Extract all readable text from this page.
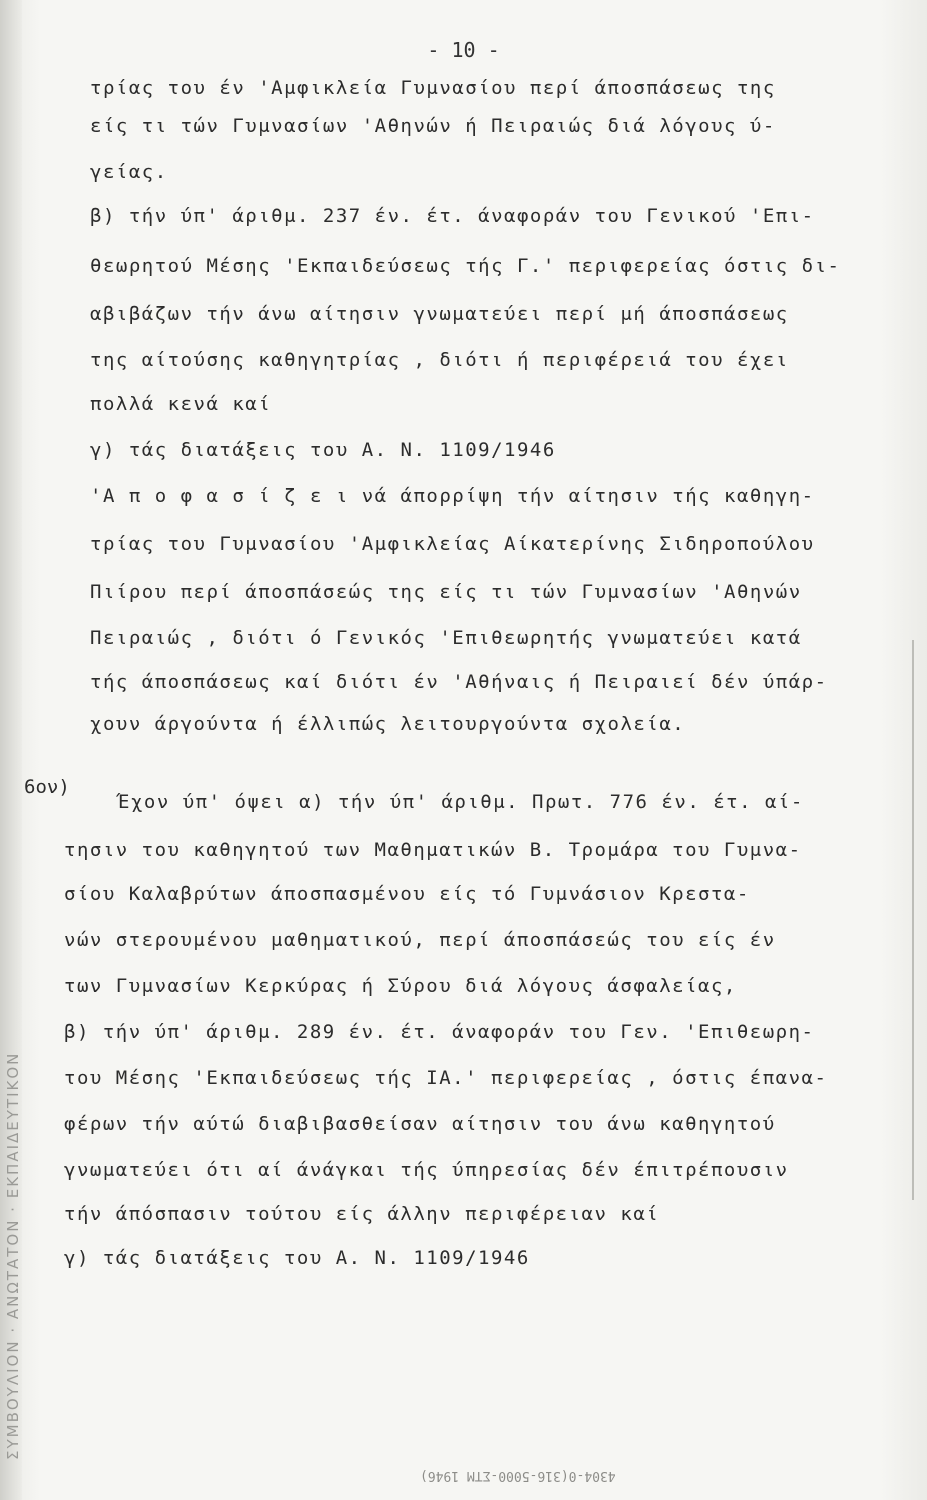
ΣΥΜΒΟΥΛΙΟΝ · ΑΝΩΤΑΤΟΝ · ΕΚΠΑΙΔΕΥΤΙΚΟΝ
- 10 -
τρίας του έν 'Αμφικλεία Γυμνασίου περί άποσπάσεως της
είς τι τών Γυμνασίων 'Αθηνών ή Πειραιώς διά λόγους ύ-
γείας.
β) τήν ύπ' άριθμ. 237 έν. έτ. άναφοράν του Γενικού 'Επι-
θεωρητού Μέσης 'Εκπαιδεύσεως τής Γ.' περιφερείας όστις δι-
αβιβάζων τήν άνω αίτησιν γνωματεύει περί μή άποσπάσεως
της αίτούσης καθηγητρίας , διότι ή περιφέρειά του έχει
πολλά κενά καί
γ) τάς διατάξεις του Α. Ν. 1109/1946
'Α π ο φ α σ ί ζ ε ι νά άπορρίψη τήν αίτησιν τής καθηγη-
τρίας του Γυμνασίου 'Αμφικλείας Αίκατερίνης Σιδηροπούλου
Πιίρου περί άποσπάσεώς της είς τι τών Γυμνασίων 'Αθηνών
Πειραιώς , διότι ό Γενικός 'Επιθεωρητής γνωματεύει κατά
τής άποσπάσεως καί διότι έν 'Αθήναις ή Πειραιεί δέν ύπάρ-
χουν άργούντα ή έλλιπώς λειτουργούντα σχολεία.
6ον)
Έχον ύπ' όψει α) τήν ύπ' άριθμ. Πρωτ. 776 έν. έτ. αί-
τησιν του καθηγητού των Μαθηματικών Β. Τρομάρα του Γυμνα-
σίου Καλαβρύτων άποσπασμένου είς τό Γυμνάσιον Κρεστα-
νών στερουμένου μαθηματικού, περί άποσπάσεώς του είς έν
των Γυμνασίων Κερκύρας ή Σύρου διά λόγους άσφαλείας,
β) τήν ύπ' άριθμ. 289 έν. έτ. άναφοράν του Γεν. 'Επιθεωρη-
του Μέσης 'Εκπαιδεύσεως τής ΙΑ.' περιφερείας , όστις έπανα-
φέρων τήν αύτώ διαβιβασθείσαν αίτησιν του άνω καθηγητού
γνωματεύει ότι αί άνάγκαι τής ύπηρεσίας δέν έπιτρέπουσιν
τήν άπόσπασιν τούτου είς άλλην περιφέρειαν καί
γ) τάς διατάξεις του Α. Ν. 1109/1946
4304-0(316-5000-ΣΤΜ 1946)
